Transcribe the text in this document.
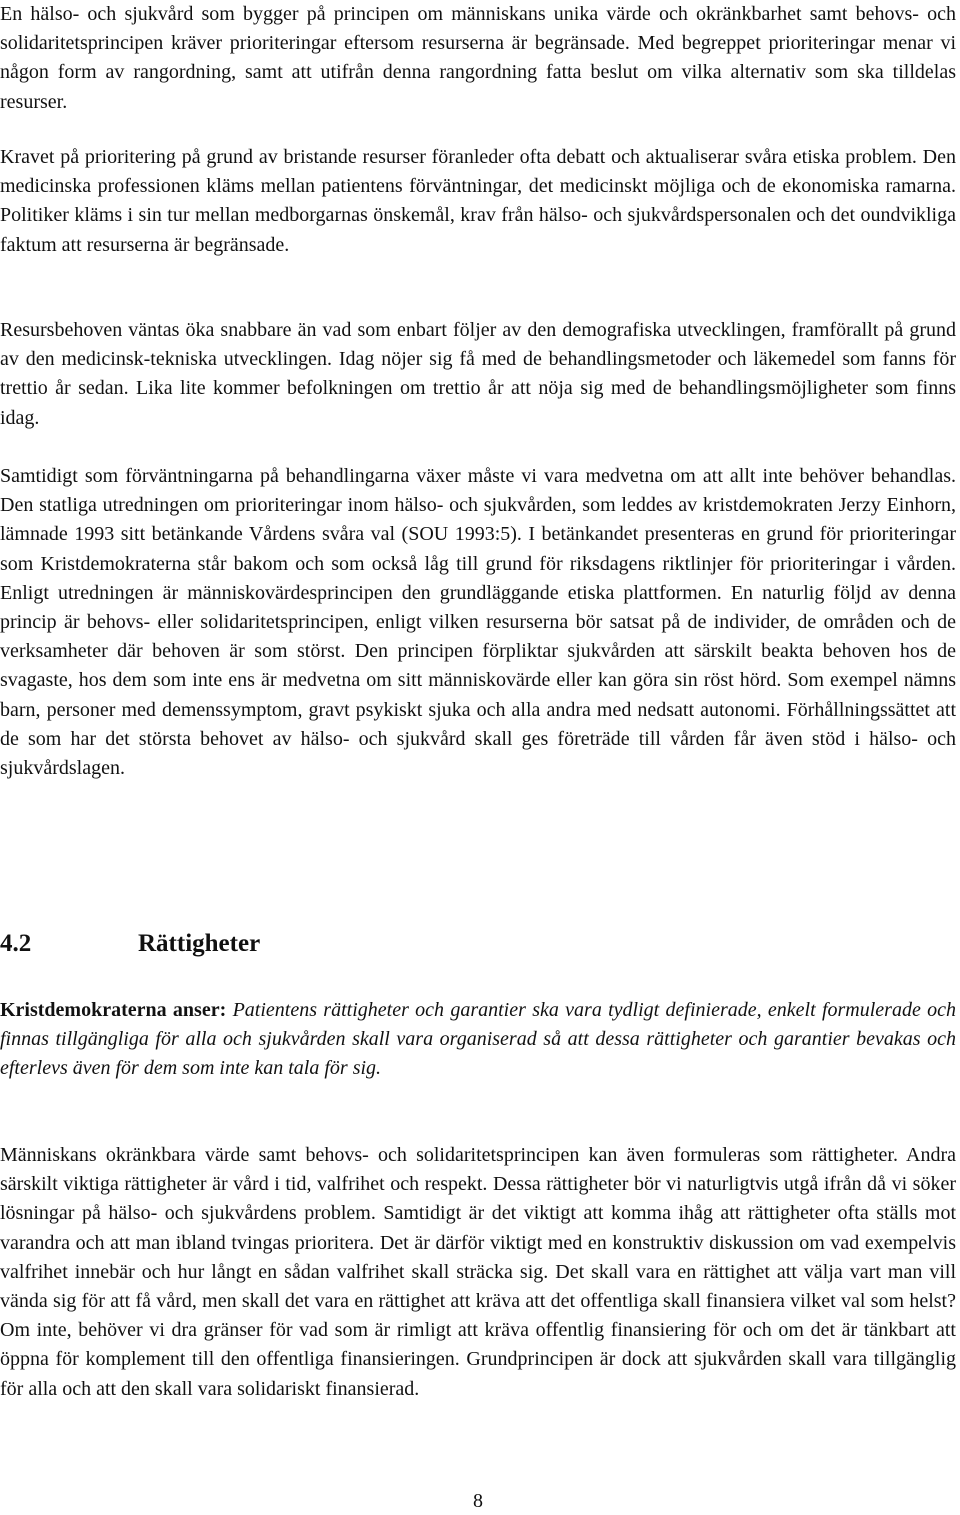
En hälso- och sjukvård som bygger på principen om människans unika värde och okränkbarhet samt behovs- och solidaritetsprincipen kräver prioriteringar eftersom resurserna är begränsade. Med begreppet prioriteringar menar vi någon form av rangordning, samt att utifrån denna rangordning fatta beslut om vilka alternativ som ska tilldelas resurser.

Kravet på prioritering på grund av bristande resurser föranleder ofta debatt och aktualiserar svåra etiska problem. Den medicinska professionen kläms mellan patientens förväntningar, det medicinskt möjliga och de ekonomiska ramarna. Politiker kläms i sin tur mellan medborgarnas önskemål, krav från hälso- och sjukvårdspersonalen och det oundvikliga faktum att resurserna är begränsade.

Resursbehoven väntas öka snabbare än vad som enbart följer av den demografiska utvecklingen, framförallt på grund av den medicinsk-tekniska utvecklingen. Idag nöjer sig få med de behandlingsmetoder och läkemedel som fanns för trettio år sedan. Lika lite kommer befolkningen om trettio år att nöja sig med de behandlingsmöjligheter som finns idag.

Samtidigt som förväntningarna på behandlingarna växer måste vi vara medvetna om att allt inte behöver behandlas. Den statliga utredningen om prioriteringar inom hälso- och sjukvården, som leddes av kristdemokraten Jerzy Einhorn, lämnade 1993 sitt betänkande Vårdens svåra val (SOU 1993:5). I betänkandet presenteras en grund för prioriteringar som Kristdemokraterna står bakom och som också låg till grund för riksdagens riktlinjer för prioriteringar i vården. Enligt utredningen är människovärdesprincipen den grundläggande etiska plattformen. En naturlig följd av denna princip är behovs- eller solidaritetsprincipen, enligt vilken resurserna bör satsat på de individer, de områden och de verksamheter där behoven är som störst. Den principen förpliktar sjukvården att särskilt beakta behoven hos de svagaste, hos dem som inte ens är medvetna om sitt människovärde eller kan göra sin röst hörd. Som exempel nämns barn, personer med demenssymptom, gravt psykiskt sjuka och alla andra med nedsatt autonomi. Förhållningssättet att de som har det största behovet av hälso- och sjukvård skall ges företräde till vården får även stöd i hälso- och sjukvårdslagen.

4.2	Rättigheter

Kristdemokraterna anser: Patientens rättigheter och garantier ska vara tydligt definierade, enkelt formulerade och finnas tillgängliga för alla och sjukvården skall vara organiserad så att dessa rättigheter och garantier bevakas och efterlevs även för dem som inte kan tala för sig.

Människans okränkbara värde samt behovs- och solidaritetsprincipen kan även formuleras som rättigheter. Andra särskilt viktiga rättigheter är vård i tid, valfrihet och respekt. Dessa rättigheter bör vi naturligtvis utgå ifrån då vi söker lösningar på hälso- och sjukvårdens problem. Samtidigt är det viktigt att komma ihåg att rättigheter ofta ställs mot varandra och att man ibland tvingas prioritera. Det är därför viktigt med en konstruktiv diskussion om vad exempelvis valfrihet innebär och hur långt en sådan valfrihet skall sträcka sig. Det skall vara en rättighet att välja vart man vill vända sig för att få vård, men skall det vara en rättighet att kräva att det offentliga skall finansiera vilket val som helst? Om inte, behöver vi dra gränser för vad som är rimligt att kräva offentlig finansiering för och om det är tänkbart att öppna för komplement till den offentliga finansieringen. Grundprincipen är dock att sjukvården skall vara tillgänglig för alla och att den skall vara solidariskt finansierad.

8
